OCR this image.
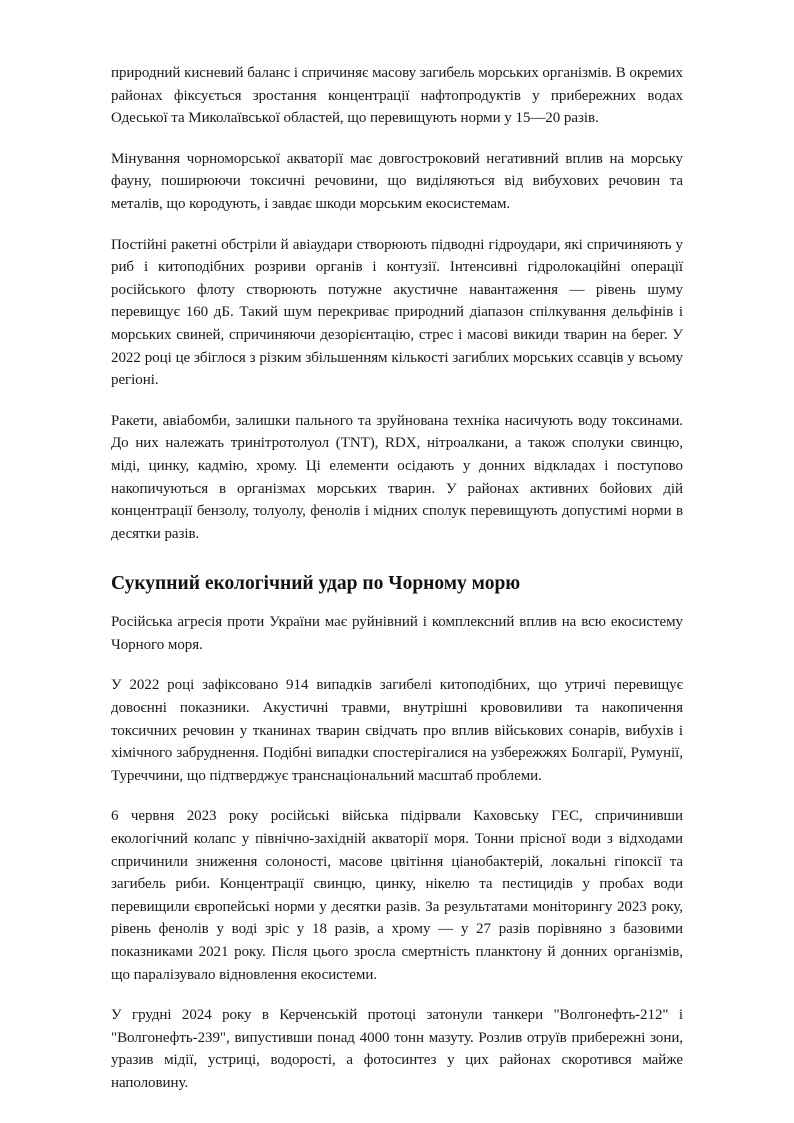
природний кисневий баланс і спричиняє масову загибель морських організмів. В окремих районах фіксується зростання концентрації нафтопродуктів у прибережних водах Одеської та Миколаївської областей, що перевищують норми у 15—20 разів.

Мінування чорноморської акваторії має довгостроковий негативний вплив на морську фауну, поширюючи токсичні речовини, що виділяються від вибухових речовин та металів, що кородують, і завдає шкоди морським екосистемам.

Постійні ракетні обстріли й авіаудари створюють підводні гідроудари, які спричиняють у риб і китоподібних розриви органів і контузії. Інтенсивні гідролокаційні операції російського флоту створюють потужне акустичне навантаження — рівень шуму перевищує 160 дБ. Такий шум перекриває природний діапазон спілкування дельфінів і морських свиней, спричиняючи дезорієнтацію, стрес і масові викиди тварин на берег. У 2022 році це збіглося з різким збільшенням кількості загиблих морських ссавців у всьому регіоні.

Ракети, авіабомби, залишки пального та зруйнована техніка насичують воду токсинами. До них належать тринітротолуол (TNT), RDX, нітроалкани, а також сполуки свинцю, міді, цинку, кадмію, хрому. Ці елементи осідають у донних відкладах і поступово накопичуються в організмах морських тварин. У районах активних бойових дій концентрації бензолу, толуолу, фенолів і мідних сполук перевищують допустимі норми в десятки разів.

Сукупний екологічний удар по Чорному морю

Російська агресія проти України має руйнівний і комплексний вплив на всю екосистему Чорного моря.

У 2022 році зафіксовано 914 випадків загибелі китоподібних, що утричі перевищує довоєнні показники. Акустичні травми, внутрішні крововиливи та накопичення токсичних речовин у тканинах тварин свідчать про вплив військових сонарів, вибухів і хімічного забруднення. Подібні випадки спостерігалися на узбережжях Болгарії, Румунії, Туреччини, що підтверджує транснаціональний масштаб проблеми.

6 червня 2023 року російські військa підірвали Каховську ГЕС, спричинивши екологічний колапс у північно-західній акваторії моря. Тонни прісної води з відходами спричинили зниження солоності, масове цвітіння ціанобактерій, локальні гіпоксії та загибель риби. Концентрації свинцю, цинку, нікелю та пестицидів у пробах води перевищили європейські норми у десятки разів. За результатами моніторингу 2023 року, рівень фенолів у воді зріс у 18 разів, а хрому — у 27 разів порівняно з базовими показниками 2021 року. Після цього зросла смертність планктону й донних організмів, що паралізувало відновлення екосистеми.

У грудні 2024 року в Керченській протоці затонули танкери "Волгонефть-212" і "Волгонефть-239", випустивши понад 4000 тонн мазуту. Розлив отруїв прибережні зони, уразив мідії, устриці, водорості, а фотосинтез у цих районах скоротився майже наполовину.
